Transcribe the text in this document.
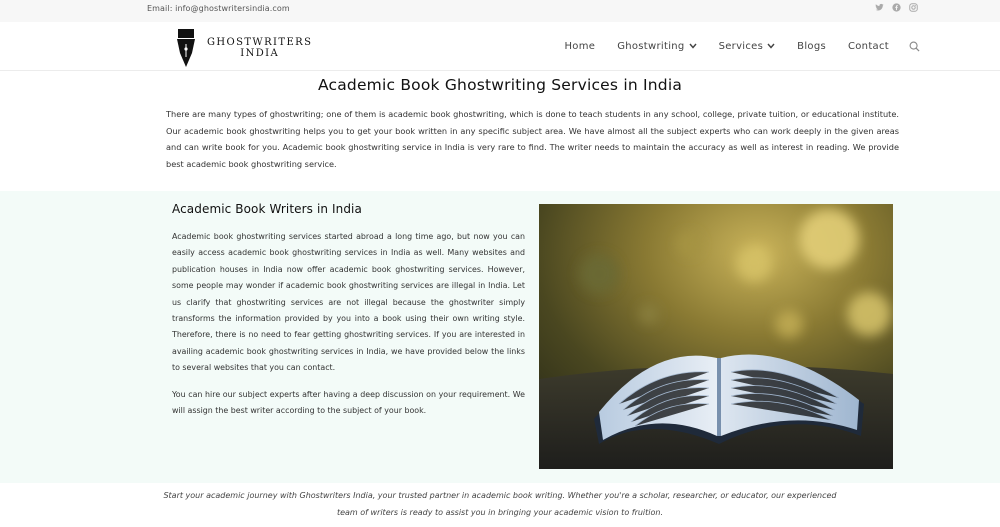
Email: info@ghostwritersindia.com
GHOSTWRITERS
INDIA
Home Ghostwriting	Services	Blogs Contact
Academic Book Ghostwriting Services in India

There are many types of ghostwriting; one of them is academic book ghostwriting, which is done to teach students in any school, college, private tuition, or educational institute. Our academic book ghostwriting helps you to get your book written in any specific subject area. We have almost all the subject experts who can work deeply in the given areas and can write book for you. Academic book ghostwriting service in India is very rare to find. The writer needs to maintain the accuracy as well as interest in reading. We provide best academic book ghostwriting service.

Academic Book Writers in India

Academic book ghostwriting services started abroad a long time ago, but now you can easily access academic book ghostwriting services in India as well. Many websites and publication houses in India now offer academic book ghostwriting services. However, some people may wonder if academic book ghostwriting services are illegal in India. Let us clarify that ghostwriting services are not illegal because the ghostwriter simply transforms the information provided by you into a book using their own writing style. Therefore, there is no need to fear getting ghostwriting services. If you are interested in availing academic book ghostwriting services in India, we have provided below the links to several websites that you can contact.

You can hire our subject experts after having a deep discussion on your requirement. We will assign the best writer according to the subject of your book.

Start your academic journey with Ghostwriters India, your trusted partner in academic book writing. Whether you're a scholar, researcher, or educator, our experienced team of writers is ready to assist you in bringing your academic vision to fruition.
